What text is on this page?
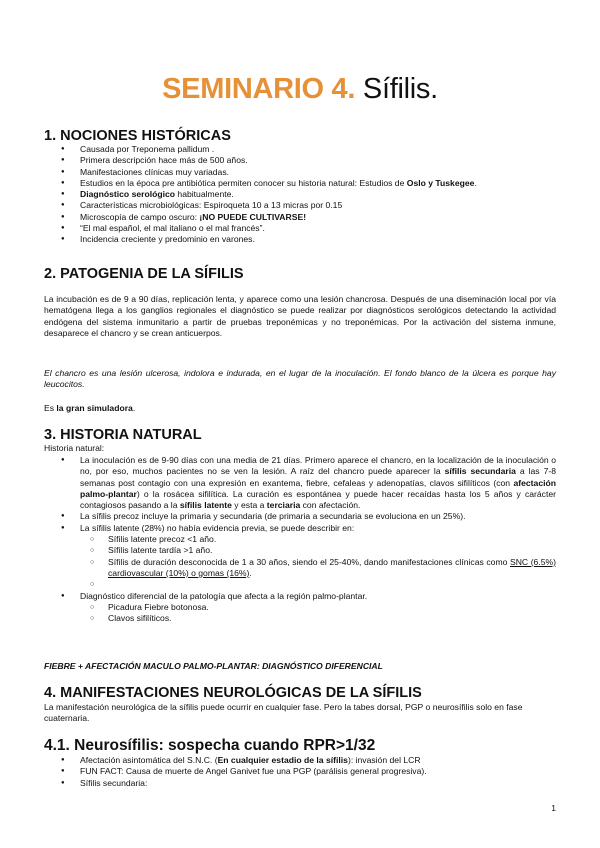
SEMINARIO 4. Sífilis.
1. NOCIONES HISTÓRICAS
● Causada por Treponema pallidum .
● Primera descripción hace más de 500 años.
● Manifestaciones clínicas muy variadas.
● Estudios en la época pre antibiótica permiten conocer su historia natural: Estudios de Oslo y Tuskegee.
● Diagnóstico serológico habitualmente.
● Características microbiológicas: Espiroqueta 10 a 13 micras por 0.15
● Microscopía de campo oscuro: ¡NO PUEDE CULTIVARSE!
● “El mal español, el mal italiano o el mal francés”.
● Incidencia creciente y predominio en varones.
2. PATOGENIA DE LA SÍFILIS

La incubación es de 9 a 90 días, replicación lenta, y aparece como una lesión chancrosa. Después de una diseminación local por vía hematógena llega a los ganglios regionales el diagnóstico se puede realizar por diagnósticos serológicos detectando la actividad endógena del sistema inmunitario a partir de pruebas treponémicas y no treponémicas. Por la activación del sistema inmune, desaparece el chancro y se crean anticuerpos.

El chancro es una lesión ulcerosa, indolora e indurada, en el lugar de la inoculación. El fondo blanco de la úlcera es porque hay leucocitos.

Es la gran simuladora.

3. HISTORIA NATURAL

Historia natural:

● La inoculación es de 9-90 días con una media de 21 días. Primero aparece el chancro, en la localización de la inoculación o no, por eso, muchos pacientes no se ven la lesión. A raíz del chancro puede aparecer la sífilis secundaria a las 7-8 semanas post contagio con una expresión en exantema, fiebre, cefaleas y adenopatías, clavos sifilíticos (con afectación palmo-plantar) o la rosácea sifilítica. La curación es espontánea y puede hacer recaídas hasta los 5 años y carácter contagiosos pasando a la sífilis latente y esta a terciaria con afectación.
● La sífilis precoz incluye la primaria y secundaria (de primaria a secundaria se evoluciona en un 25%).
● La sífilis latente (28%) no había evidencia previa, se puede describir en:
○ Sífilis latente precoz <1 año.
○ Sífilis latente tardía >1 año.
○ Sífilis de duración desconocida de 1 a 30 años, siendo el 25-40%, dando manifestaciones clínicas como SNC (6.5%) cardiovascular (10%) o gomas (16%).
○
● Diagnóstico diferencial de la patología que afecta a la región palmo-plantar.
○ Picadura Fiebre botonosa.
○ Clavos sifilíticos.

FIEBRE + AFECTACIÓN MACULO PALMO-PLANTAR: DIAGNÓSTICO DIFERENCIAL

4. MANIFESTACIONES NEUROLÓGICAS DE LA SÍFILIS

La manifestación neurológica de la sífilis puede ocurrir en cualquier fase. Pero la tabes dorsal, PGP o neurosífilis solo en fase cuaternaria.

4.1. Neurosífilis: sospecha cuando RPR>1/32
● Afectación asintomática del S.N.C. (En cualquier estadio de la sífilis): invasión del LCR
● FUN FACT: Causa de muerte de Angel Ganivet fue una PGP (parálisis general progresiva).
● Sífilis secundaria:
1
